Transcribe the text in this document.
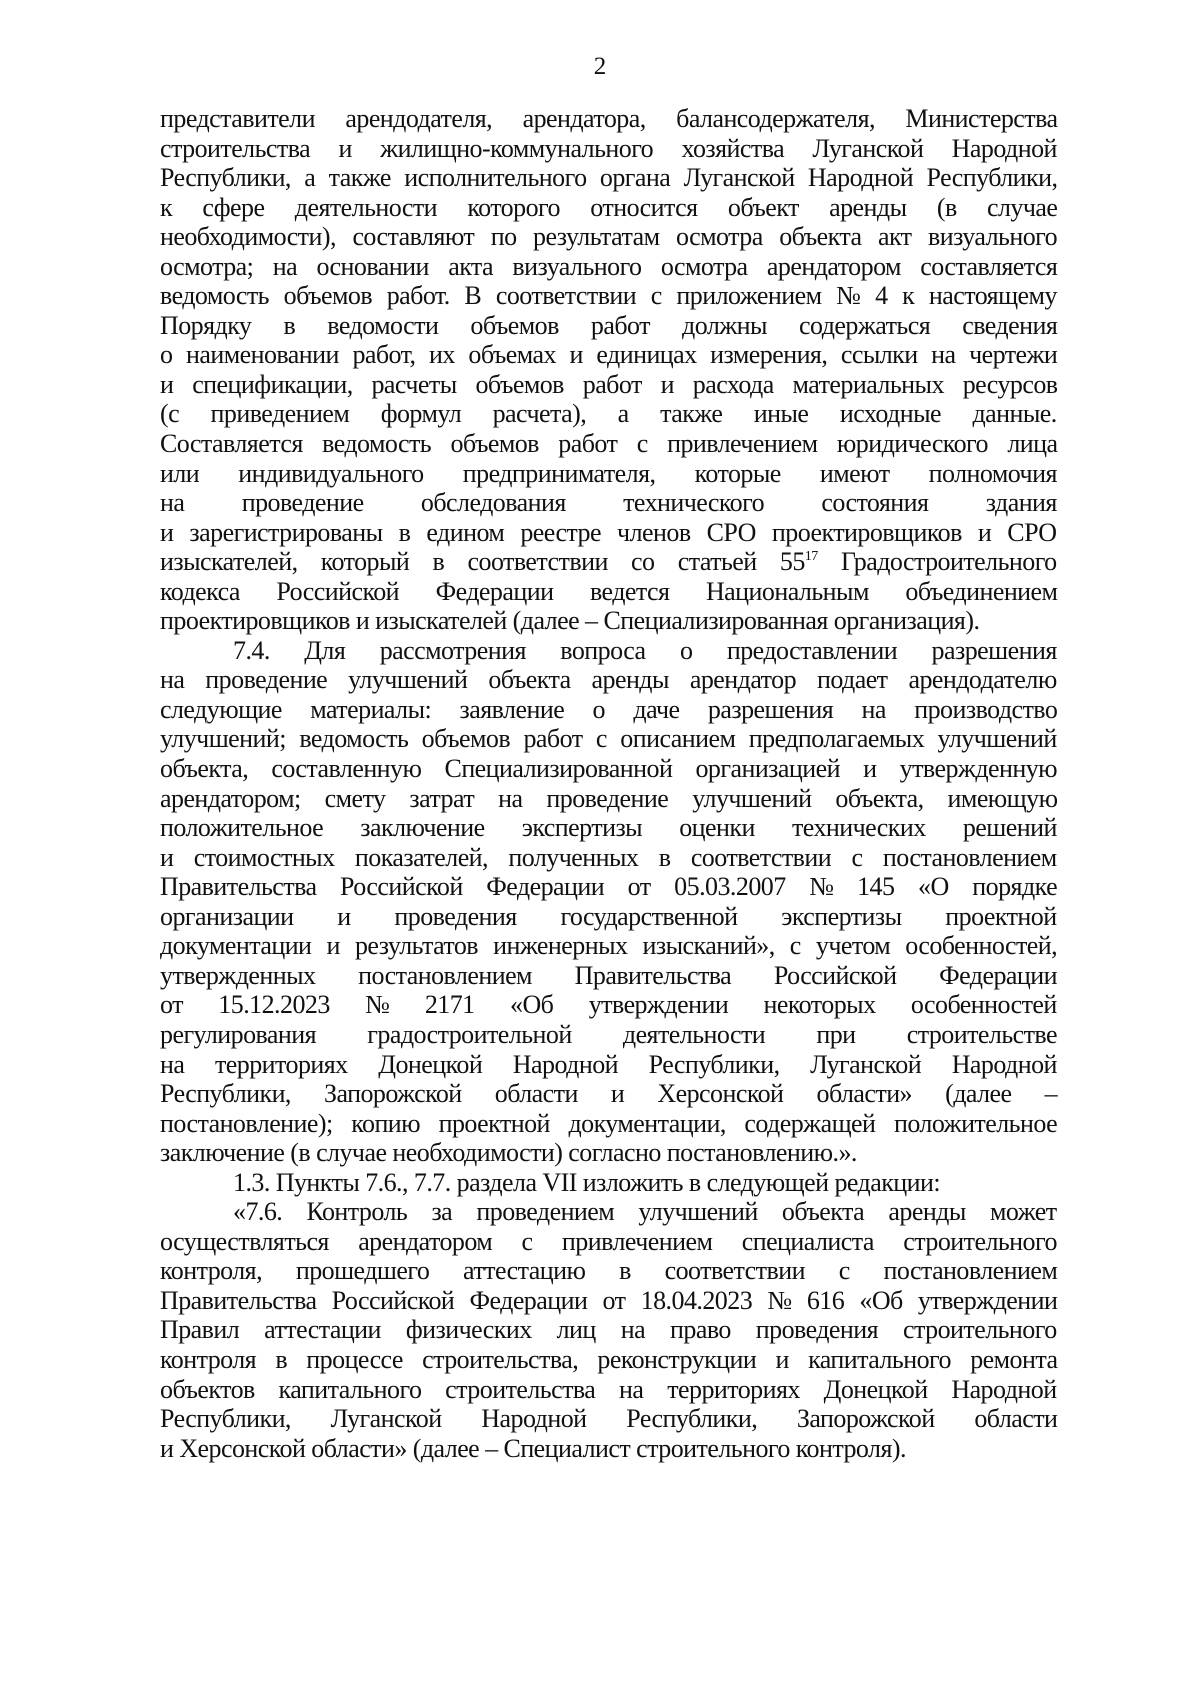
2
представители арендодателя, арендатора, балансодержателя, Министерства
строительства и жилищно-коммунального хозяйства Луганской Народной
Республики, а также исполнительного органа Луганской Народной Республики,
к сфере деятельности которого относится объект аренды (в случае
необходимости), составляют по результатам осмотра объекта акт визуального
осмотра; на основании акта визуального осмотра арендатором составляется
ведомость объемов работ. В соответствии с приложением № 4 к настоящему
Порядку в ведомости объемов работ должны содержаться сведения
о наименовании работ, их объемах и единицах измерения, ссылки на чертежи
и спецификации, расчеты объемов работ и расхода материальных ресурсов
(с приведением формул расчета), а также иные исходные данные.
Составляется ведомость объемов работ с привлечением юридического лица
или индивидуального предпринимателя, которые имеют полномочия
на проведение обследования технического состояния здания
и зарегистрированы в едином реестре членов СРО проектировщиков и СРО
изыскателей, который в соответствии со статьей $55^{17}$ Градостроительного
кодекса Российской Федерации ведется Национальным объединением
проектировщиков и изыскателей (далее – Специализированная организация).
7.4. Для рассмотрения вопроса о предоставлении разрешения
на проведение улучшений объекта аренды арендатор подает арендодателю
следующие материалы: заявление о даче разрешения на производство
улучшений; ведомость объемов работ с описанием предполагаемых улучшений
объекта, составленную Специализированной организацией и утвержденную
арендатором; смету затрат на проведение улучшений объекта, имеющую
положительное заключение экспертизы оценки технических решений
и стоимостных показателей, полученных в соответствии с постановлением
Правительства Российской Федерации от 05.03.2007 № 145 «О порядке
организации и проведения государственной экспертизы проектной
документации и результатов инженерных изысканий», с учетом особенностей,
утвержденных постановлением Правительства Российской Федерации
от 15.12.2023 № 2171 «Об утверждении некоторых особенностей
регулирования градостроительной деятельности при строительстве
на территориях Донецкой Народной Республики, Луганской Народной
Республики, Запорожской области и Херсонской области» (далее –
постановление); копию проектной документации, содержащей положительное
заключение (в случае необходимости) согласно постановлению.».
1.3. Пункты 7.6., 7.7. раздела VII изложить в следующей редакции:
«7.6. Контроль за проведением улучшений объекта аренды может
осуществляться арендатором с привлечением специалиста строительного
контроля, прошедшего аттестацию в соответствии с постановлением
Правительства Российской Федерации от 18.04.2023 № 616 «Об утверждении
Правил аттестации физических лиц на право проведения строительного
контроля в процессе строительства, реконструкции и капитального ремонта
объектов капитального строительства на территориях Донецкой Народной
Республики, Луганской Народной Республики, Запорожской области
и Херсонской области» (далее – Специалист строительного контроля).
